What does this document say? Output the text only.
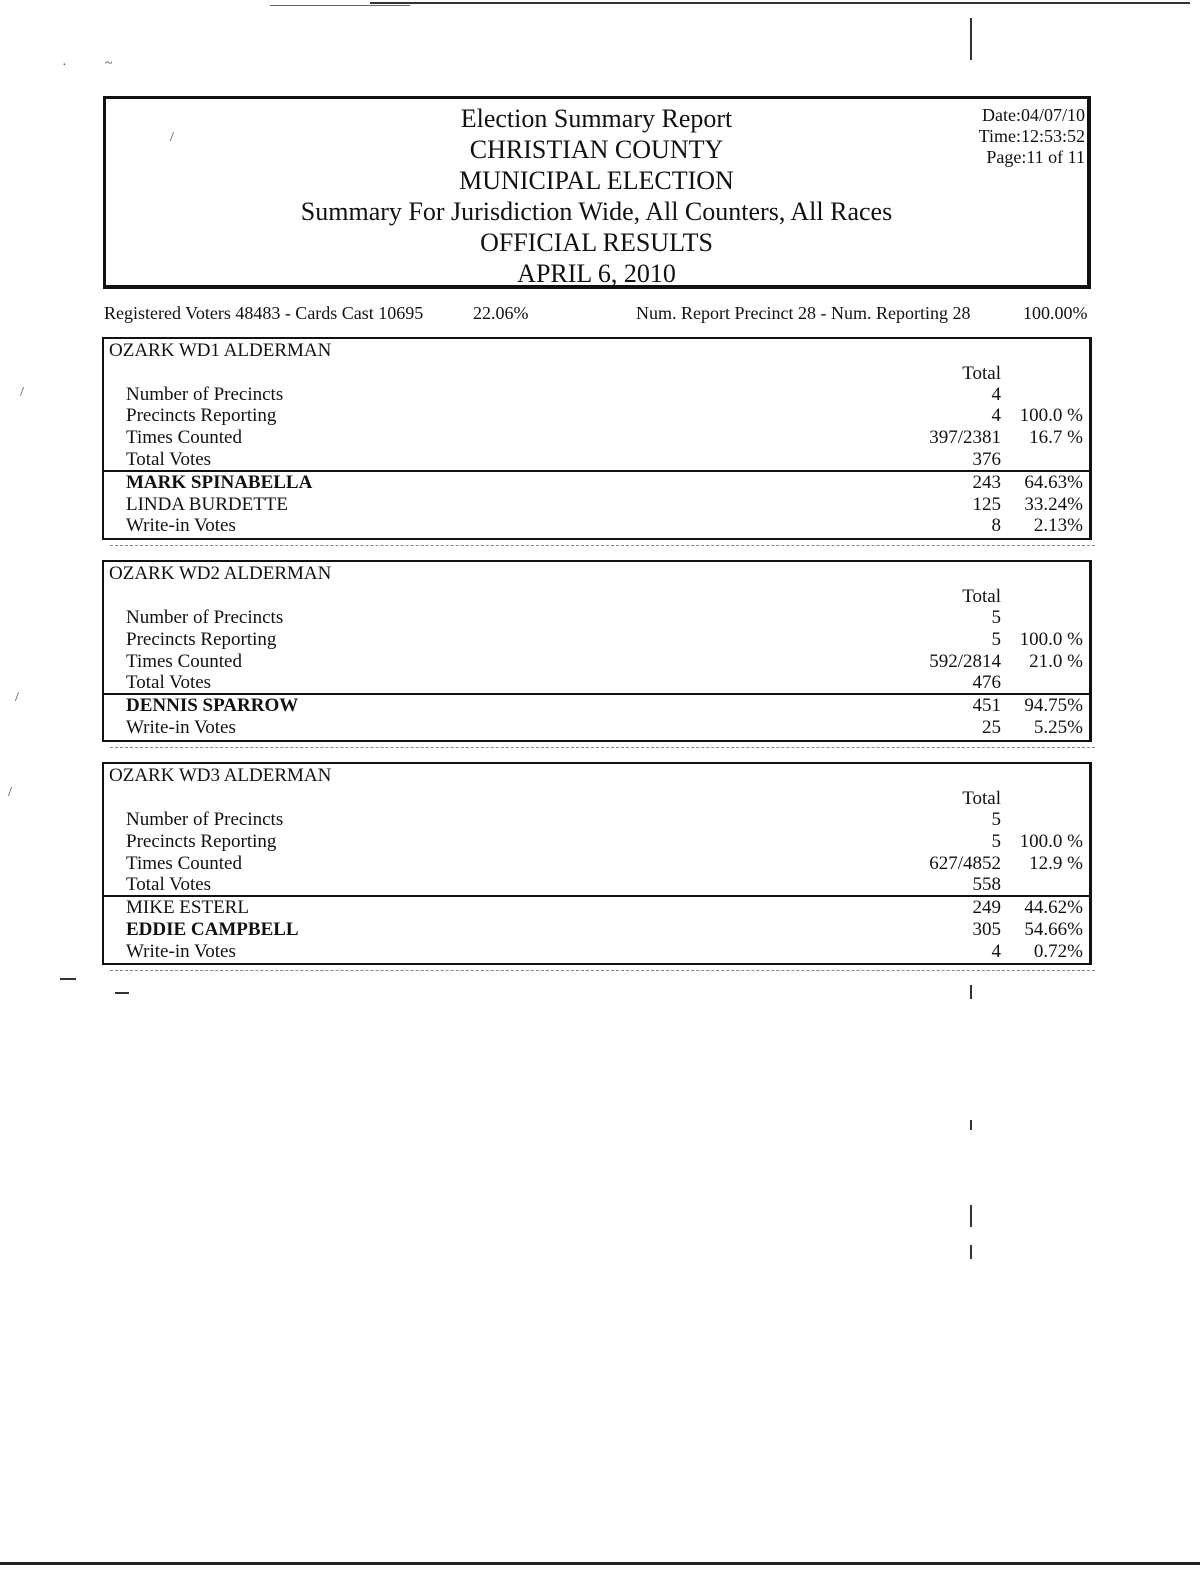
~
·
/
/
/
/
Election Summary Report
CHRISTIAN COUNTY
MUNICIPAL ELECTION
Summary For Jurisdiction Wide, All Counters, All Races
OFFICIAL RESULTS
APRIL 6, 2010
Date:04/07/10
Time:12:53:52
Page:11 of 11
Registered Voters 48483 - Cards Cast 10695	22.06%	Num. Report Precinct 28 - Num. Reporting 28	100.00%
OZARK WD1 ALDERMAN
Total
Number of Precincts	4
Precincts Reporting	4 100.0 %
Times Counted	397/2381 16.7 %
Total Votes	376
MARK SPINABELLA	243 64.63%
LINDA BURDETTE	125 33.24%
Write-in Votes	8 2.13%
OZARK WD2 ALDERMAN
Total
Number of Precincts	5
Precincts Reporting	5 100.0 %
Times Counted	592/2814 21.0 %
Total Votes	476
DENNIS SPARROW	451 94.75%
Write-in Votes	25 5.25%
OZARK WD3 ALDERMAN
Total
Number of Precincts	5
Precincts Reporting	5 100.0 %
Times Counted	627/4852 12.9 %
Total Votes	558
MIKE ESTERL	249 44.62%
EDDIE CAMPBELL	305 54.66%
Write-in Votes	4 0.72%
